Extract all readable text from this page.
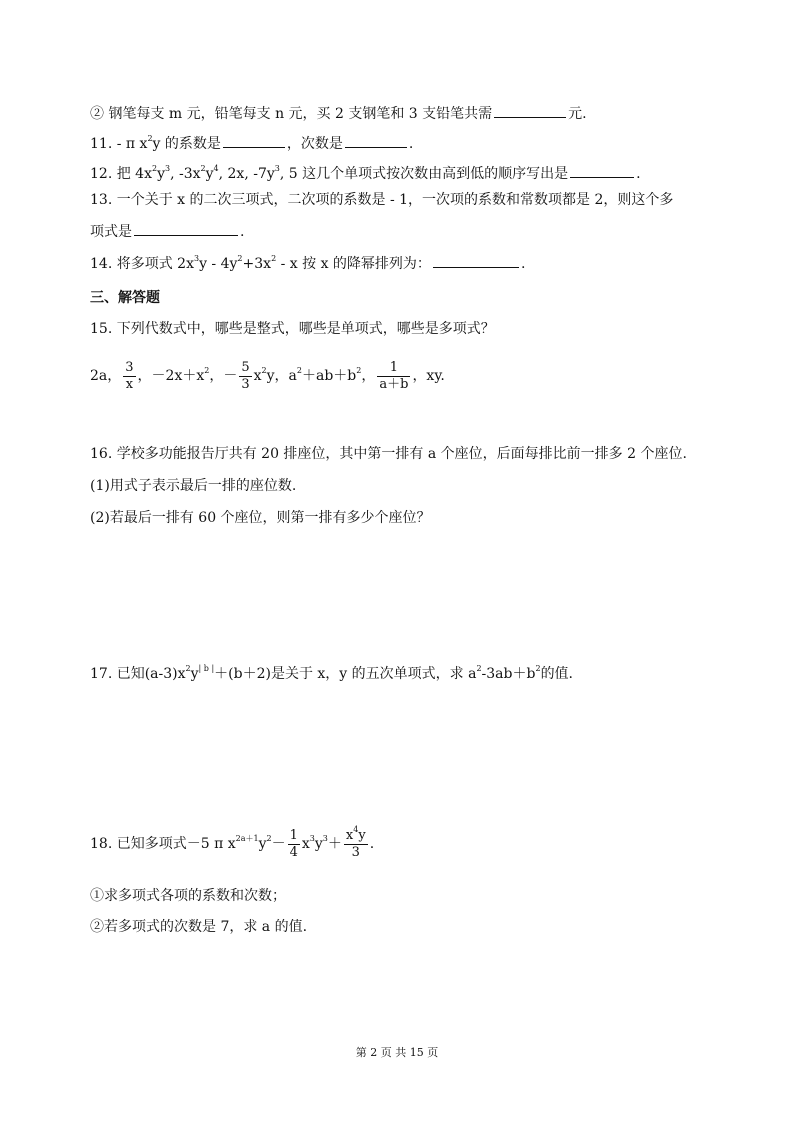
② 钢笔每支 m 元，铅笔每支 n 元，买 2 支钢笔和 3 支铅笔共需	元.
11. - π $x^2y$ 的系数是	，次数是	.
12. 把 $4x^2y^3$, $-3x^2y^4$, 2x, $-7y^3$, 5 这几个单项式按次数由高到低的顺序写出是	.
13. 一个关于 x 的二次三项式，二次项的系数是 - 1，一次项的系数和常数项都是 2，则这个多
项式是	.
14. 将多项式 $2x^3y - 4y^2+3x^2 - x$ 按 x 的降幂排列为：	.
三、解答题
15. 下列代数式中，哪些是整式，哪些是单项式，哪些是多项式？
2a， $\frac{3}{x}$ ，$-2x+x^2$，－ $\frac{5}{3} x^2y$，$a^2+ab+b^2$， $\frac{1}{a+b}$ ，xy.
16. 学校多功能报告厅共有 20 排座位，其中第一排有 a 个座位，后面每排比前一排多 2 个座位.
(1)用式子表示最后一排的座位数.
(2)若最后一排有 60 个座位，则第一排有多少个座位？
17. 已知$(a-3)x^2y^{| b |}+(b+2)$是关于 x，y 的五次单项式，求 $a^2-3ab+b^2$的值.
18. 已知多项式－5 π $x^{2a+1}y^2- \frac{1}{4} x^3y^3+ \frac{x^4y}{3}$ .
①求多项式各项的系数和次数；
②若多项式的次数是 7，求 a 的值.
第 2 页 共 15 页
